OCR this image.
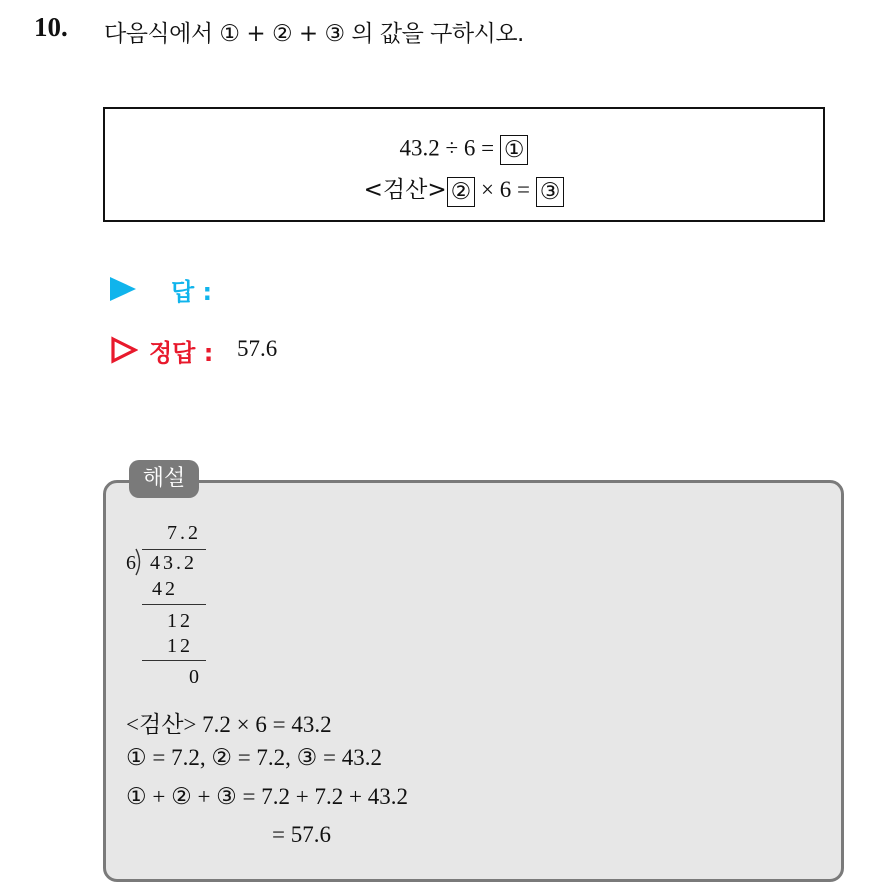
10. 다음식에서 ① + ② + ③ 의 값을 구하시오.
43.2 ÷ 6 = ①
<검산> ② × 6 = ③
답 :
정답 : 57.6
해설
7.2
6 43.2
42
12
12
0
<검산> 7.2 × 6 = 43.2
① = 7.2, ② = 7.2, ③ = 43.2
① + ② + ③ = 7.2 + 7.2 + 43.2
= 57.6
